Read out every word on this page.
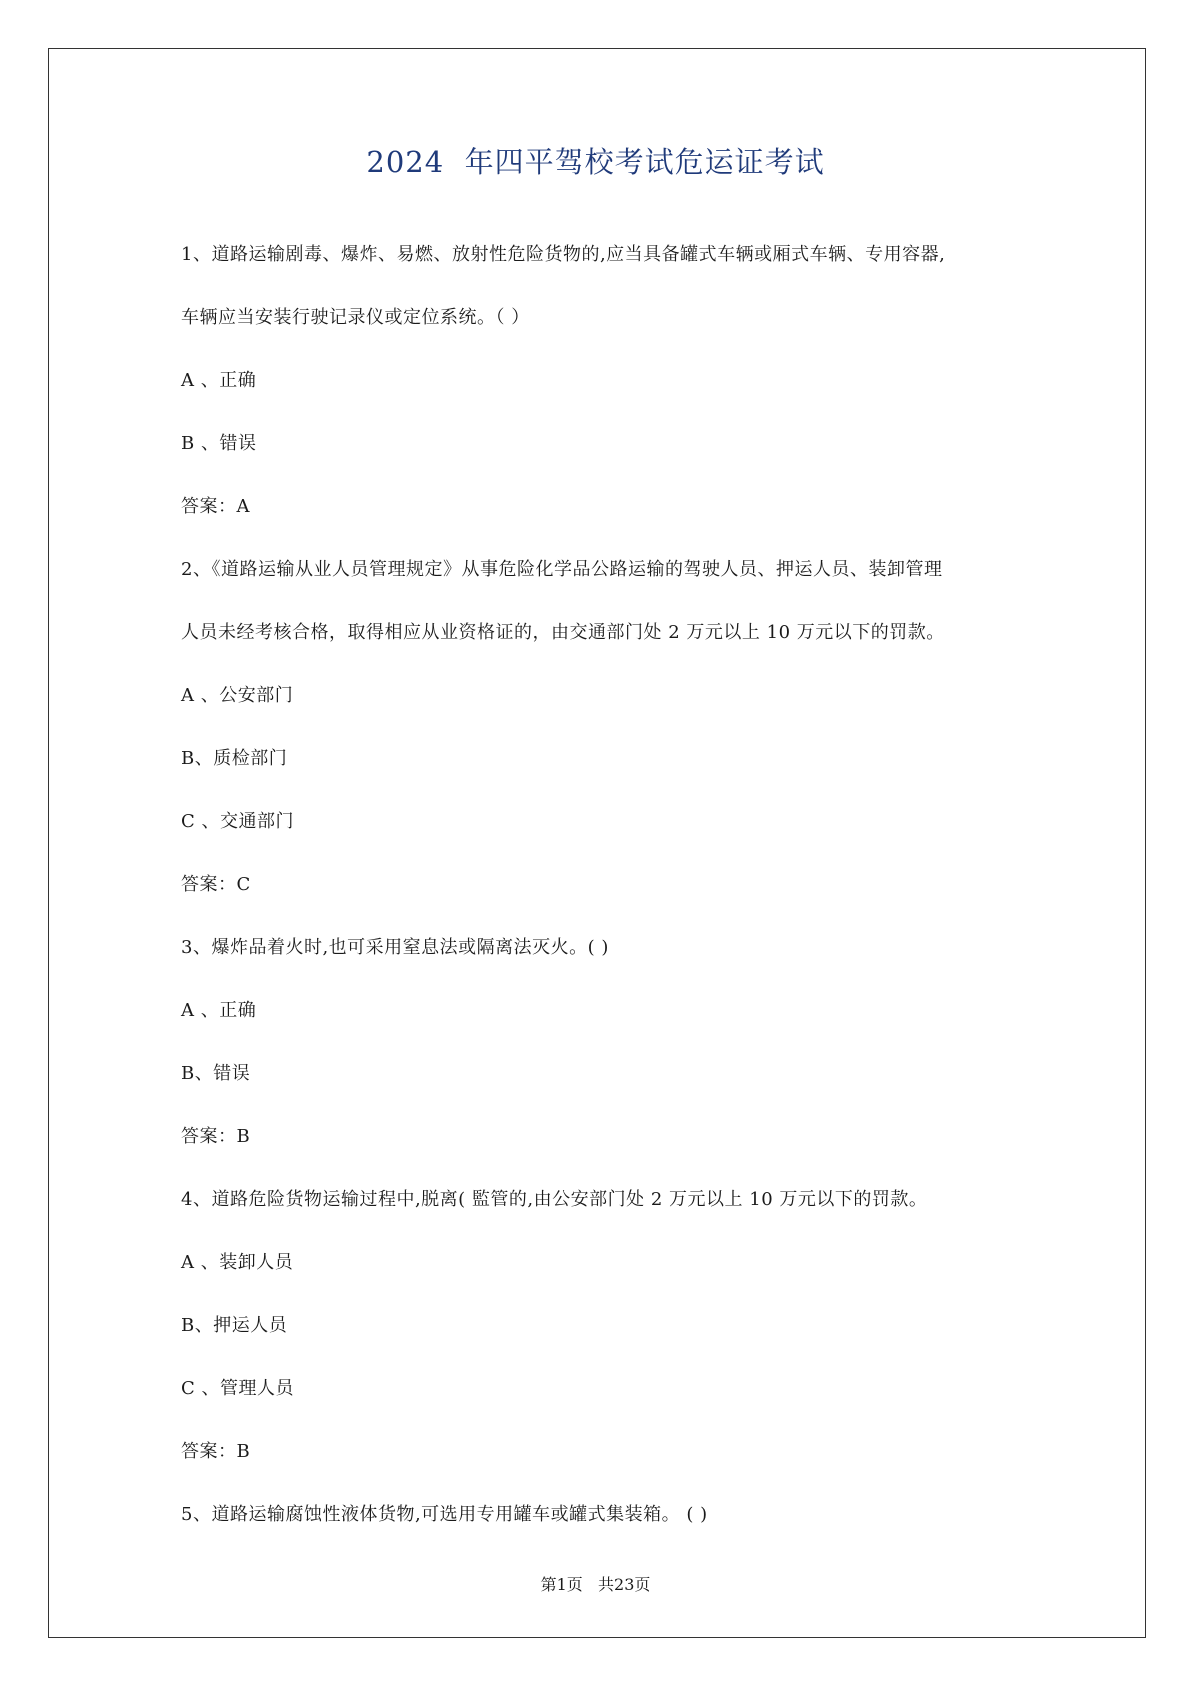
2024  年四平驾校考试危运证考试
1、道路运输剧毒、爆炸、易燃、放射性危险货物的,应当具备罐式车辆或厢式车辆、专用容器,
车辆应当安装行驶记录仪或定位系统。（ ）
A 、正确
B 、错误
答案：A
2、《道路运输从业人员管理规定》从事危险化学品公路运输的驾驶人员、押运人员、装卸管理
人员未经考核合格，取得相应从业资格证的，由交通部门处 2 万元以上 10 万元以下的罚款。
A 、公安部门
B、质检部门
C 、交通部门
答案：C
3、爆炸品着火时,也可采用窒息法或隔离法灭火。( )
A 、正确
B、错误
答案：B
4、道路危险货物运输过程中,脱离( 監管的,由公安部门处 2 万元以上 10 万元以下的罚款。
A 、装卸人员
B、押运人员
C 、管理人员
答案：B
5、道路运输腐蚀性液体货物,可选用专用罐车或罐式集装箱。 ( )
第1页   共23页
